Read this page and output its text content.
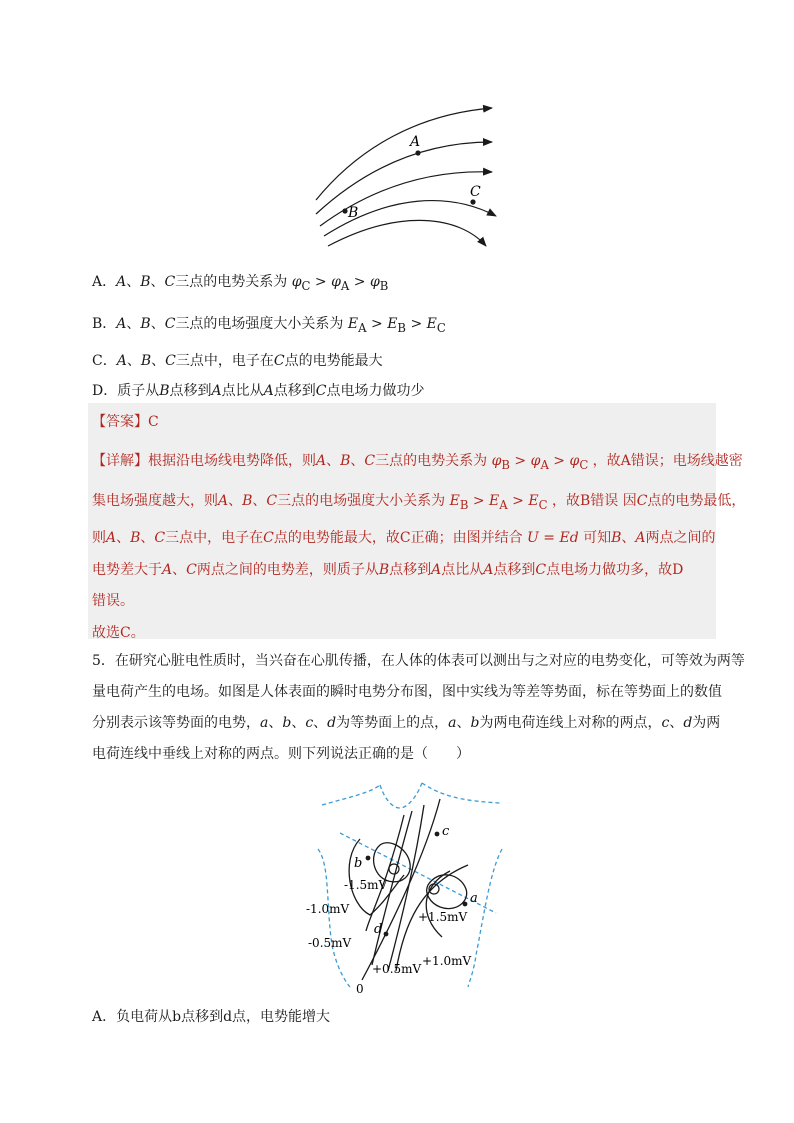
A
B
C
A．A、B、C三点的电势关系为 $\varphi_C > \varphi_A > \varphi_B$
B．A、B、C三点的电场强度大小关系为 $E_A > E_B > E_C$
C．A、B、C三点中，电子在C点的电势能最大
D．质子从B点移到A点比从A点移到C点电场力做功少
【答案】C
【详解】根据沿电场线电势降低，则A、B、C三点的电势关系为 $\varphi_B > \varphi_A > \varphi_C$ ，故A错误；电场线越密
集电场强度越大，则A、B、C三点的电场强度大小关系为 $E_B > E_A > E_C$ ，故B错误 因C点的电势最低，
则A、B、C三点中，电子在C点的电势能最大，故C正确；由图并结合 U = Ed 可知B、A两点之间的
电势差大于A、C两点之间的电势差，则质子从B点移到A点比从A点移到C点电场力做功多，故D
错误。
故选C。
5．在研究心脏电性质时，当兴奋在心肌传播，在人体的体表可以测出与之对应的电势变化，可等效为两等
量电荷产生的电场。如图是人体表面的瞬时电势分布图，图中实线为等差等势面，标在等势面上的数值
分别表示该等势面的电势，a、b、c、d为等势面上的点，a、b为两电荷连线上对称的两点，c、d为两
电荷连线中垂线上对称的两点。则下列说法正确的是（　　）
a
b
c
d
-1.5mV
-1.0mV
-0.5mV
+1.5mV
+1.0mV
+0.5mV
0
A．负电荷从b点移到d点，电势能增大
